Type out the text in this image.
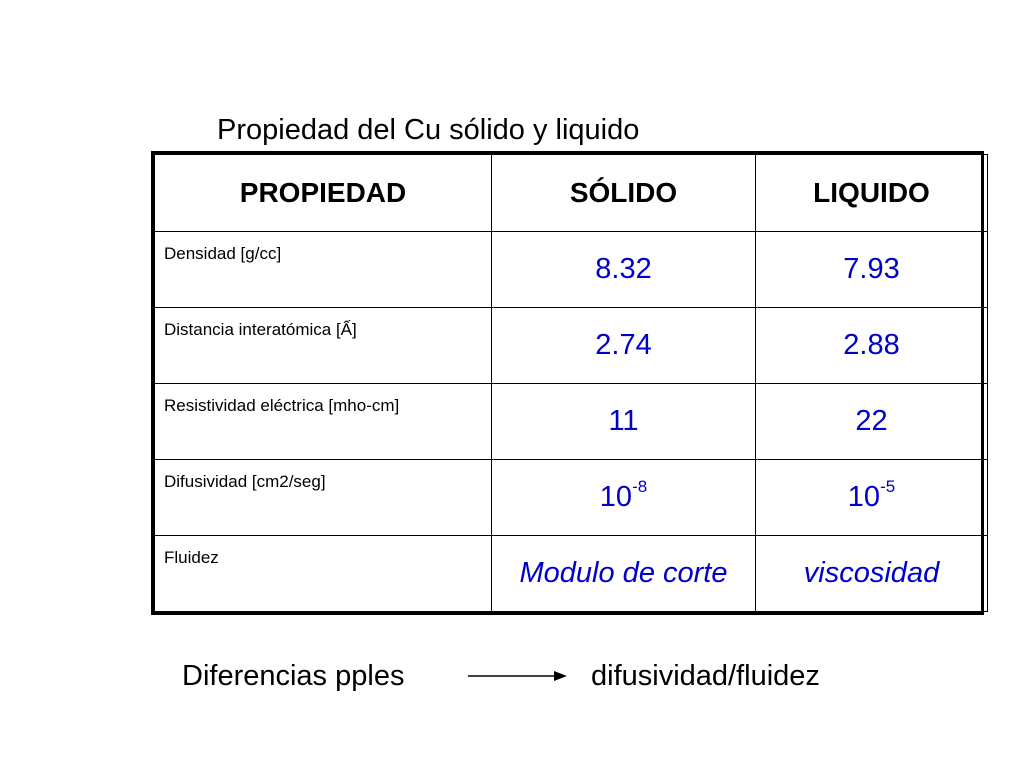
Propiedad del Cu sólido y liquido
PROPIEDAD	SÓLIDO	LIQUIDO
Densidad [g/cc]	8.32	7.93
Distancia interatómica [Ấ]	2.74	2.88
Resistividad eléctrica [mho-cm]	11	22
Difusividad [cm2/seg]	$10^{-8}$	$10^{-5}$
Fluidez	Modulo de corte	viscosidad
Diferencias pples	difusividad/fluidez
